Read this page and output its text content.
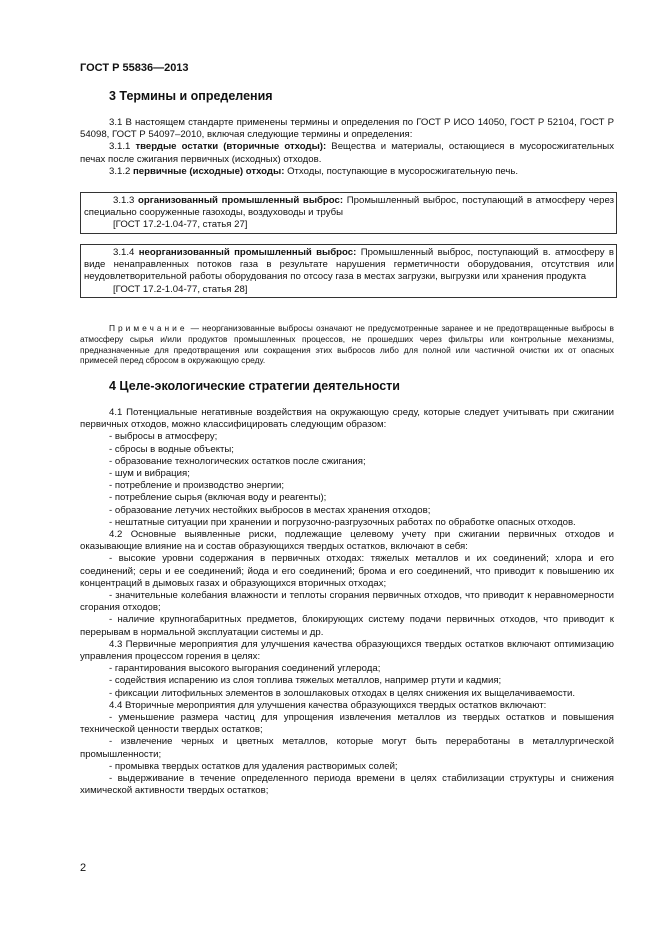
ГОСТ Р 55836—2013
3 Термины и определения

3.1 В настоящем стандарте применены термины и определения по ГОСТ Р ИСО 14050, ГОСТ Р 52104, ГОСТ Р 54098, ГОСТ Р 54097–2010, включая следующие термины и определения:

3.1.1 твердые остатки (вторичные отходы): Вещества и материалы, остающиеся в мусоросжигательных печах после сжигания первичных (исходных) отходов.

3.1.2 первичные (исходные) отходы: Отходы, поступающие в мусоросжигательную печь.

3.1.3 организованный промышленный выброс: Промышленный выброс, поступающий в атмосферу через специально сооруженные газоходы, воздуховоды и трубы

[ГОСТ 17.2-1.04-77, статья 27]

3.1.4 неорганизованный промышленный выброс: Промышленный выброс, поступающий в. атмосферу в виде ненаправленных потоков газа в результате нарушения герметичности оборудования, отсутствия или неудовлетворительной работы оборудования по отсосу газа в местах загрузки, выгрузки или хранения продукта

[ГОСТ 17.2-1.04-77, статья 28]

Примечание — неорганизованные выбросы означают не предусмотренные заранее и не предотвращенные выбросы в атмосферу сырья и/или продуктов промышленных процессов, не прошедших через фильтры или контрольные механизмы, предназначенные для предотвращения или сокращения этих выбросов либо для полной или частичной очистки их от опасных примесей перед сбросом в окружающую среду.

4 Целе-экологические стратегии деятельности

4.1 Потенциальные негативные воздействия на окружающую среду, которые следует учитывать при сжигании первичных отходов, можно классифицировать следующим образом:

- выбросы в атмосферу;

- сбросы в водные объекты;

- образование технологических остатков после сжигания;

- шум и вибрация;

- потребление и производство энергии;

- потребление сырья (включая воду и реагенты);

- образование летучих нестойких выбросов в местах хранения отходов;

- нештатные ситуации при хранении и погрузочно-разгрузочных работах по обработке опасных отходов.

4.2 Основные выявленные риски, подлежащие целевому учету при сжигании первичных отходов и оказывающие влияние на и состав образующихся твердых остатков, включают в себя:

- высокие уровни содержания в первичных отходах: тяжелых металлов и их соединений; хлора и его соединений; серы и ее соединений; йода и его соединений; брома и его соединений, что приводит к повышению их концентраций в дымовых газах и образующихся вторичных отходах;

- значительные колебания влажности и теплоты сгорания первичных отходов, что приводит к неравномерности сгорания отходов;

- наличие крупногабаритных предметов, блокирующих систему подачи первичных отходов, что приводит к перерывам в нормальной эксплуатации системы и др.

4.3 Первичные мероприятия для улучшения качества образующихся твердых остатков включают оптимизацию управления процессом горения в целях:

- гарантирования высокого выгорания соединений углерода;

- содействия испарению из слоя топлива тяжелых металлов, например ртути и кадмия;

- фиксации литофильных элементов в золошлаковых отходах в целях снижения их выщелачиваемости.

4.4 Вторичные мероприятия для улучшения качества образующихся твердых остатков включают:

- уменьшение размера частиц для упрощения извлечения металлов из твердых остатков и повышения технической ценности твердых остатков;

- извлечение черных и цветных металлов, которые могут быть переработаны в металлургической промышленности;

- промывка твердых остатков для удаления растворимых солей;

- выдерживание в течение определенного периода времени в целях стабилизации структуры и снижения химической активности твердых остатков;

2
